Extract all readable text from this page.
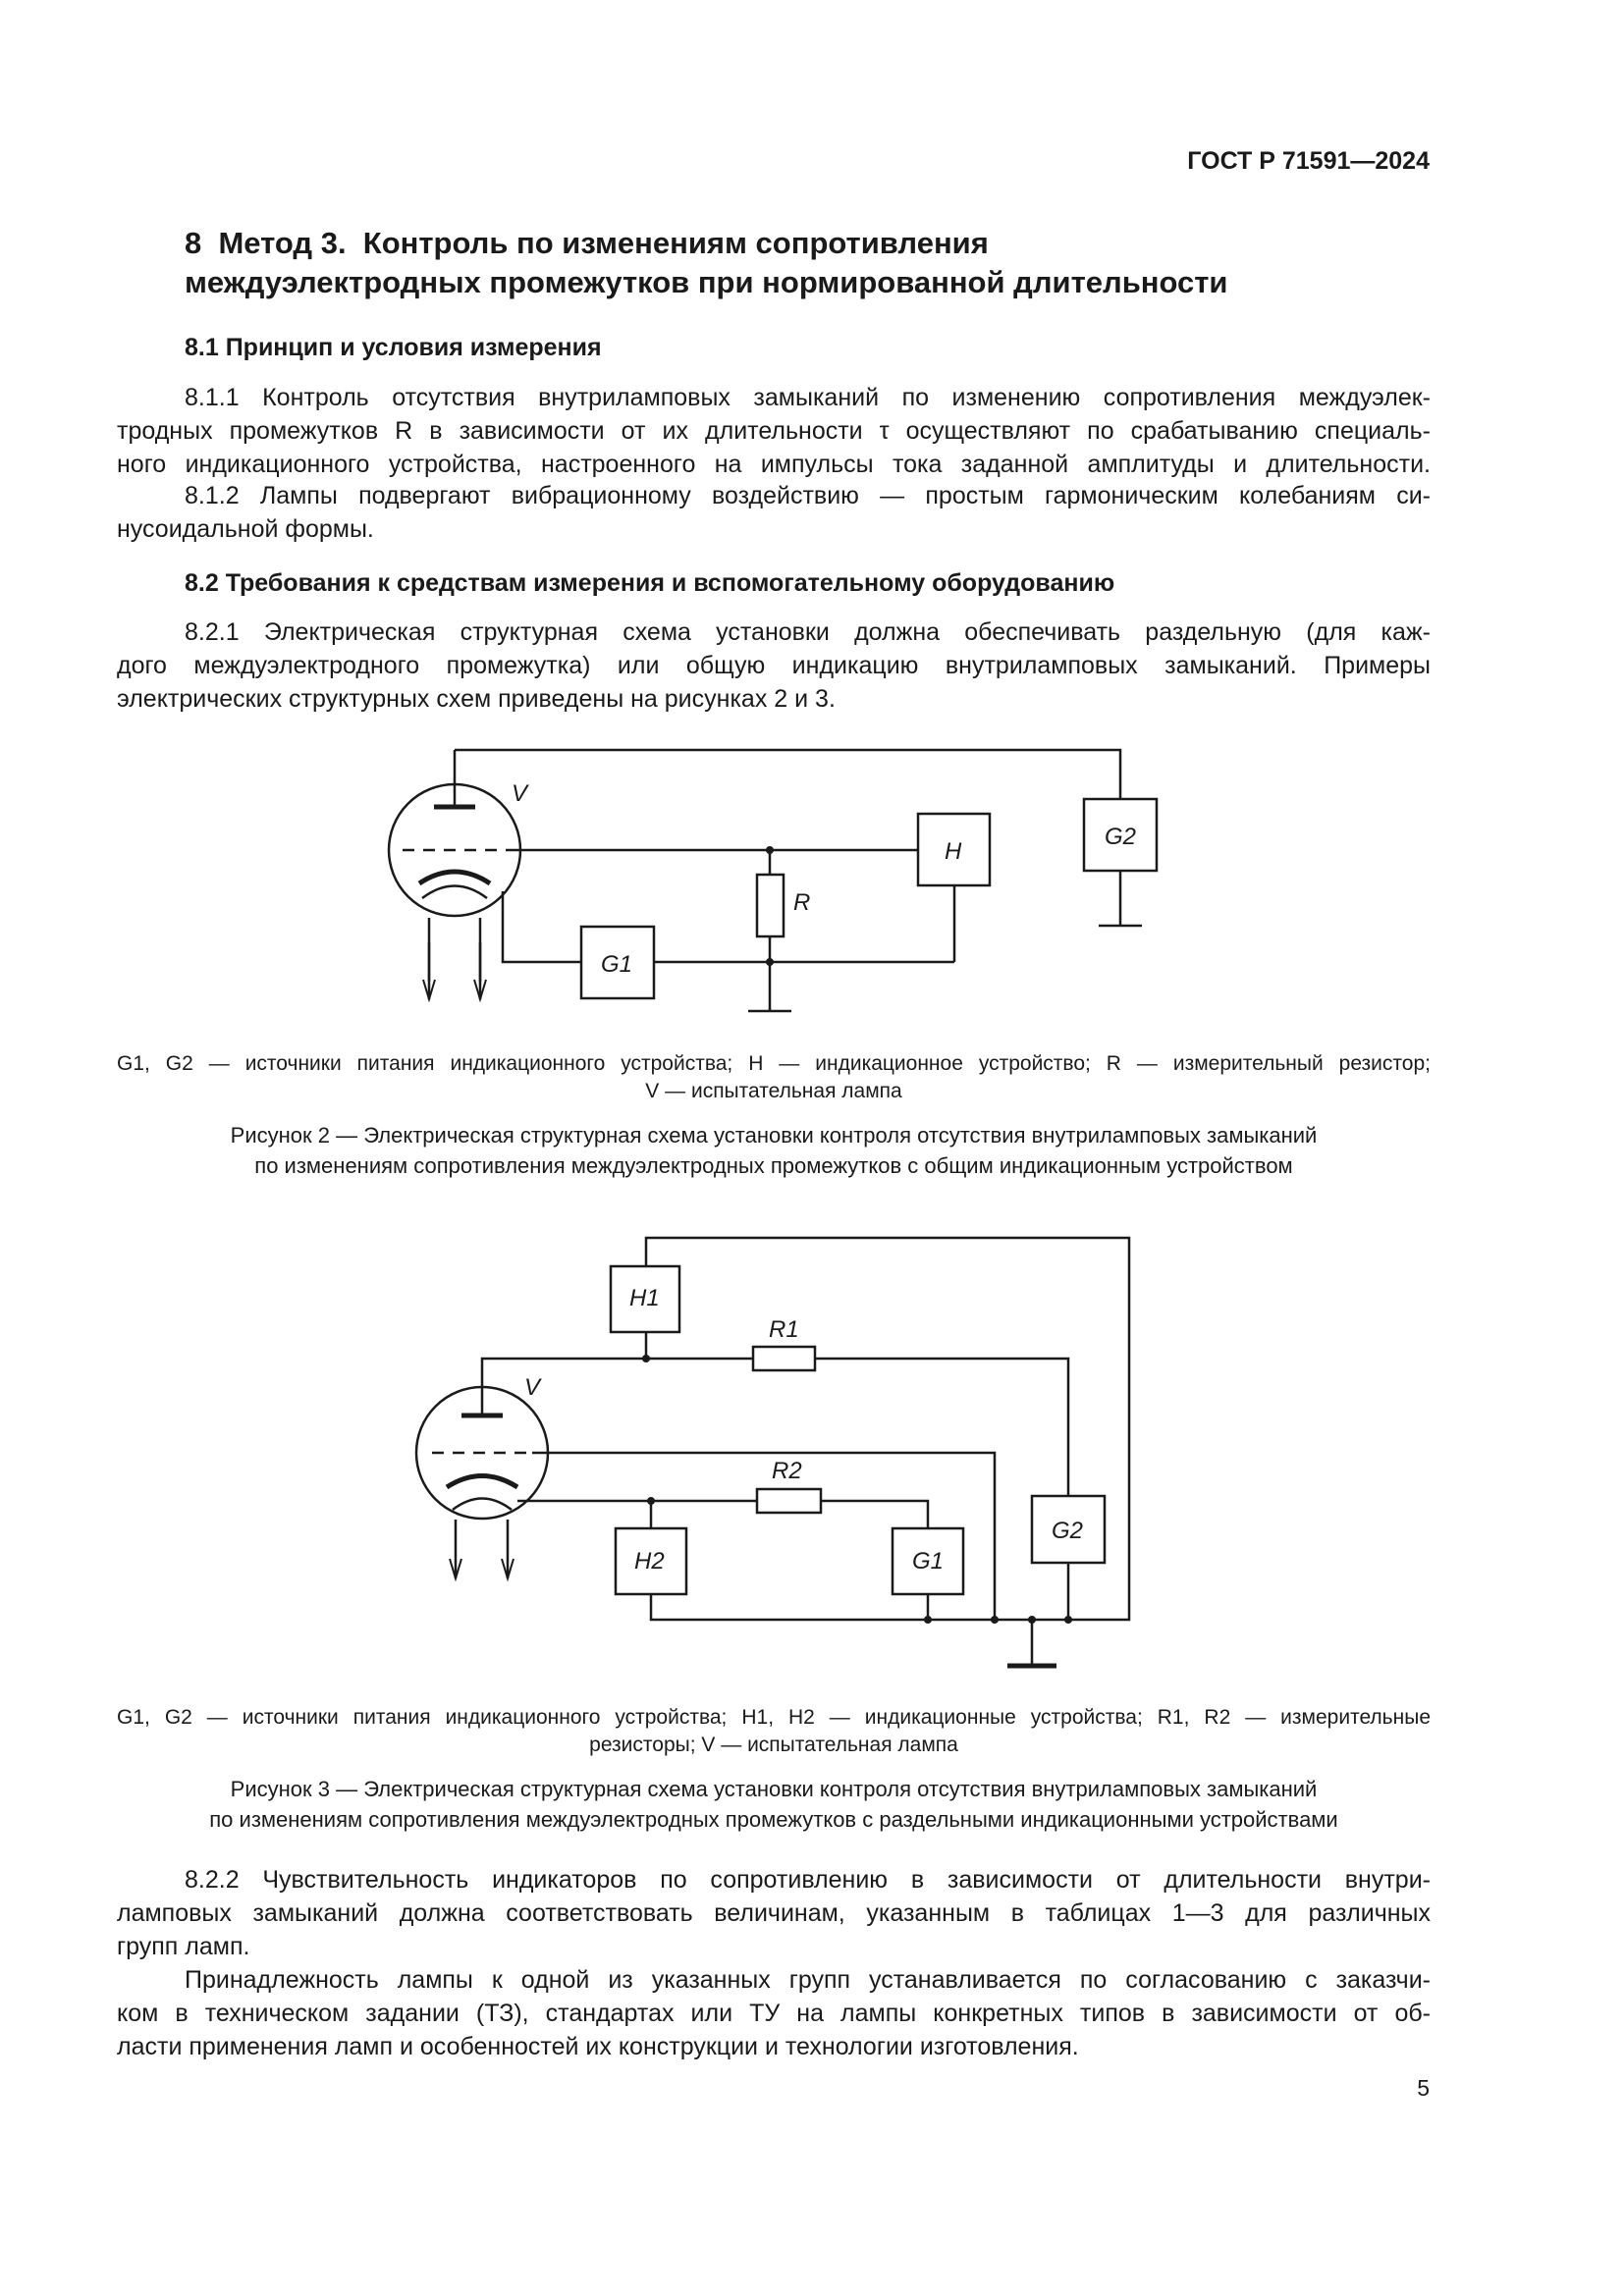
ГОСТ Р 71591—2024
8  Метод 3.  Контроль по изменениям сопротивления
междуэлектродных промежутков при нормированной длительности
8.1 Принцип и условия измерения
8.1.1 Контроль отсутствия внутриламповых замыканий по изменению сопротивления междуэлек-
тродных промежутков R в зависимости от их длительности τ осуществляют по срабатыванию специаль-
ного индикационного устройства, настроенного на импульсы тока заданной амплитуды и длительности.
8.1.2 Лампы подвергают вибрационному воздействию — простым гармоническим колебаниям си-
нусоидальной формы.
8.2 Требования к средствам измерения и вспомогательному оборудованию
8.2.1 Электрическая структурная схема установки должна обеспечивать раздельную (для каж-
дого междуэлектродного промежутка) или общую индикацию внутриламповых замыканий. Примеры
электрических структурных схем приведены на рисунках 2 и 3.
V
H
R
G2
G1
H1
R1
V
R2
G2
H2	G1
G1, G2 — источники питания индикационного устройства; H — индикационное устройство; R — измерительный резистор;
V — испытательная лампа
Рисунок 2 — Электрическая структурная схема установки контроля отсутствия внутриламповых замыканий
по изменениям сопротивления междуэлектродных промежутков с общим индикационным устройством
G1, G2 — источники питания индикационного устройства; H1, H2 — индикационные устройства; R1, R2 — измерительные
резисторы; V — испытательная лампа
Рисунок 3 — Электрическая структурная схема установки контроля отсутствия внутриламповых замыканий
по изменениям сопротивления междуэлектродных промежутков с раздельными индикационными устройствами
8.2.2 Чувствительность индикаторов по сопротивлению в зависимости от длительности внутри-
ламповых замыканий должна соответствовать величинам, указанным в таблицах 1—3 для различных
групп ламп.
Принадлежность лампы к одной из указанных групп устанавливается по согласованию с заказчи-
ком в техническом задании (ТЗ), стандартах или ТУ на лампы конкретных типов в зависимости от об-
ласти применения ламп и особенностей их конструкции и технологии изготовления.
5
